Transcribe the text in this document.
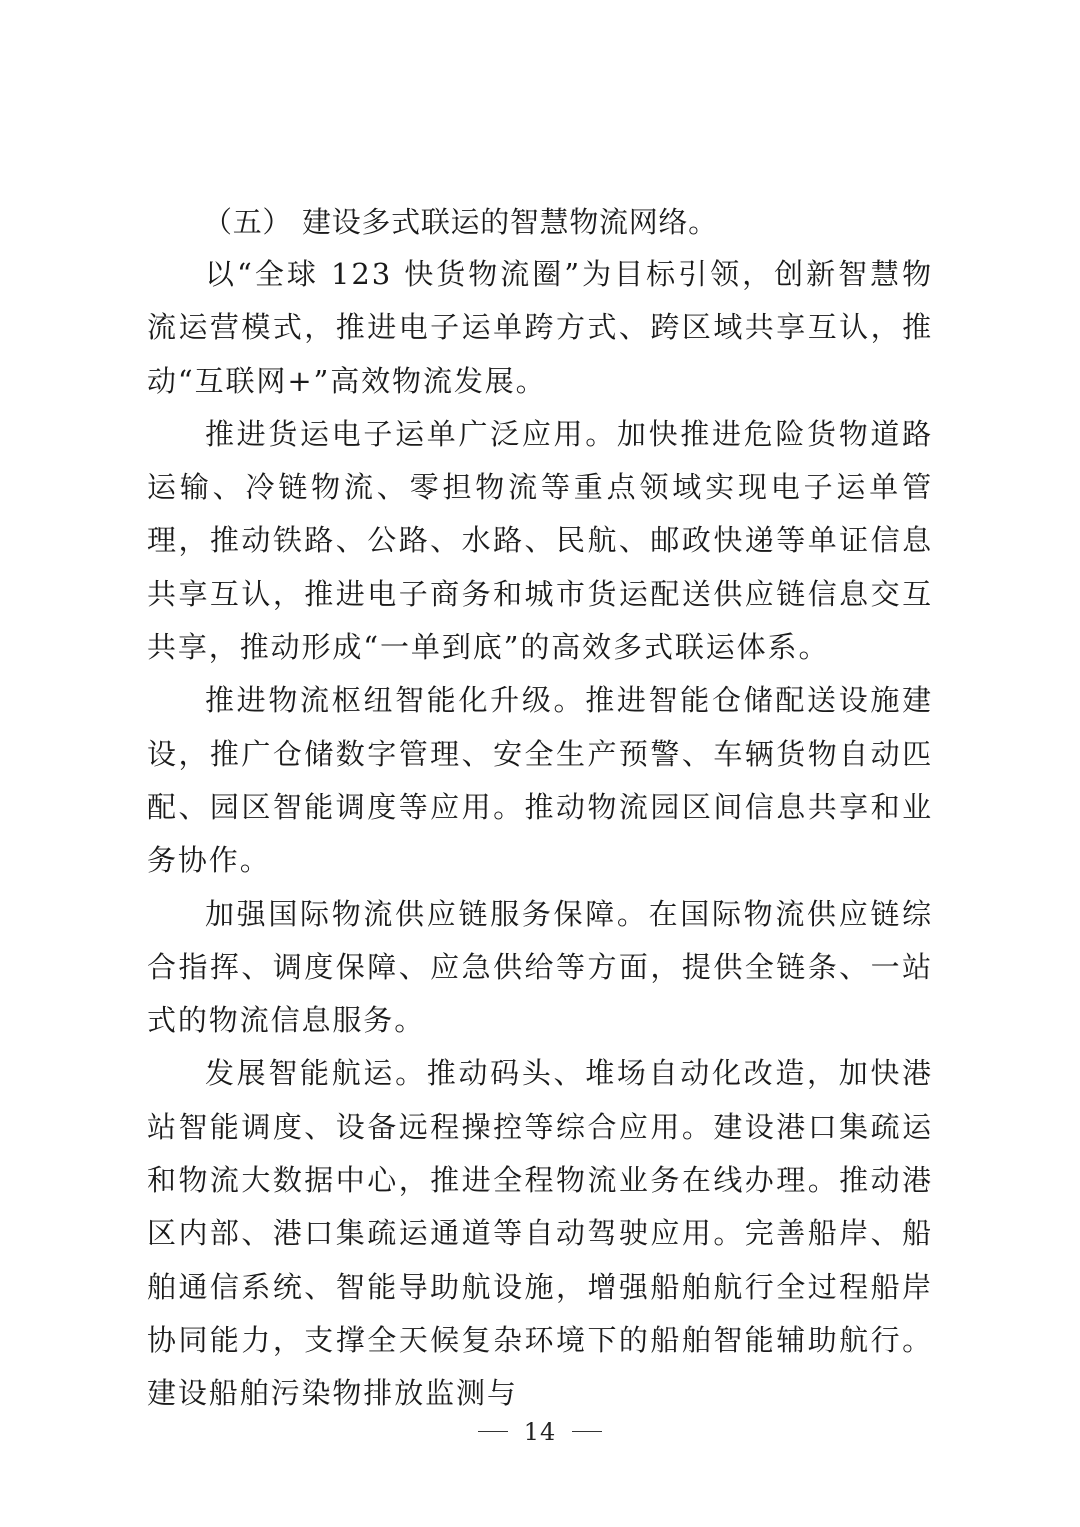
（五） 建设多式联运的智慧物流网络。

以“全球 123 快货物流圈”为目标引领，创新智慧物流运营模式，推进电子运单跨方式、跨区域共享互认，推动“互联网+”高效物流发展。

推进货运电子运单广泛应用。加快推进危险货物道路运输、冷链物流、零担物流等重点领域实现电子运单管理，推动铁路、公路、水路、民航、邮政快递等单证信息共享互认，推进电子商务和城市货运配送供应链信息交互共享，推动形成“一单到底”的高效多式联运体系。

推进物流枢纽智能化升级。推进智能仓储配送设施建设，推广仓储数字管理、安全生产预警、车辆货物自动匹配、园区智能调度等应用。推动物流园区间信息共享和业务协作。

加强国际物流供应链服务保障。在国际物流供应链综合指挥、调度保障、应急供给等方面，提供全链条、一站式的物流信息服务。

发展智能航运。推动码头、堆场自动化改造，加快港站智能调度、设备远程操控等综合应用。建设港口集疏运和物流大数据中心，推进全程物流业务在线办理。推动港区内部、港口集疏运通道等自动驾驶应用。完善船岸、船舶通信系统、智能导助航设施，增强船舶航行全过程船岸协同能力，支撑全天候复杂环境下的船舶智能辅助航行。建设船舶污染物排放监测与

14
